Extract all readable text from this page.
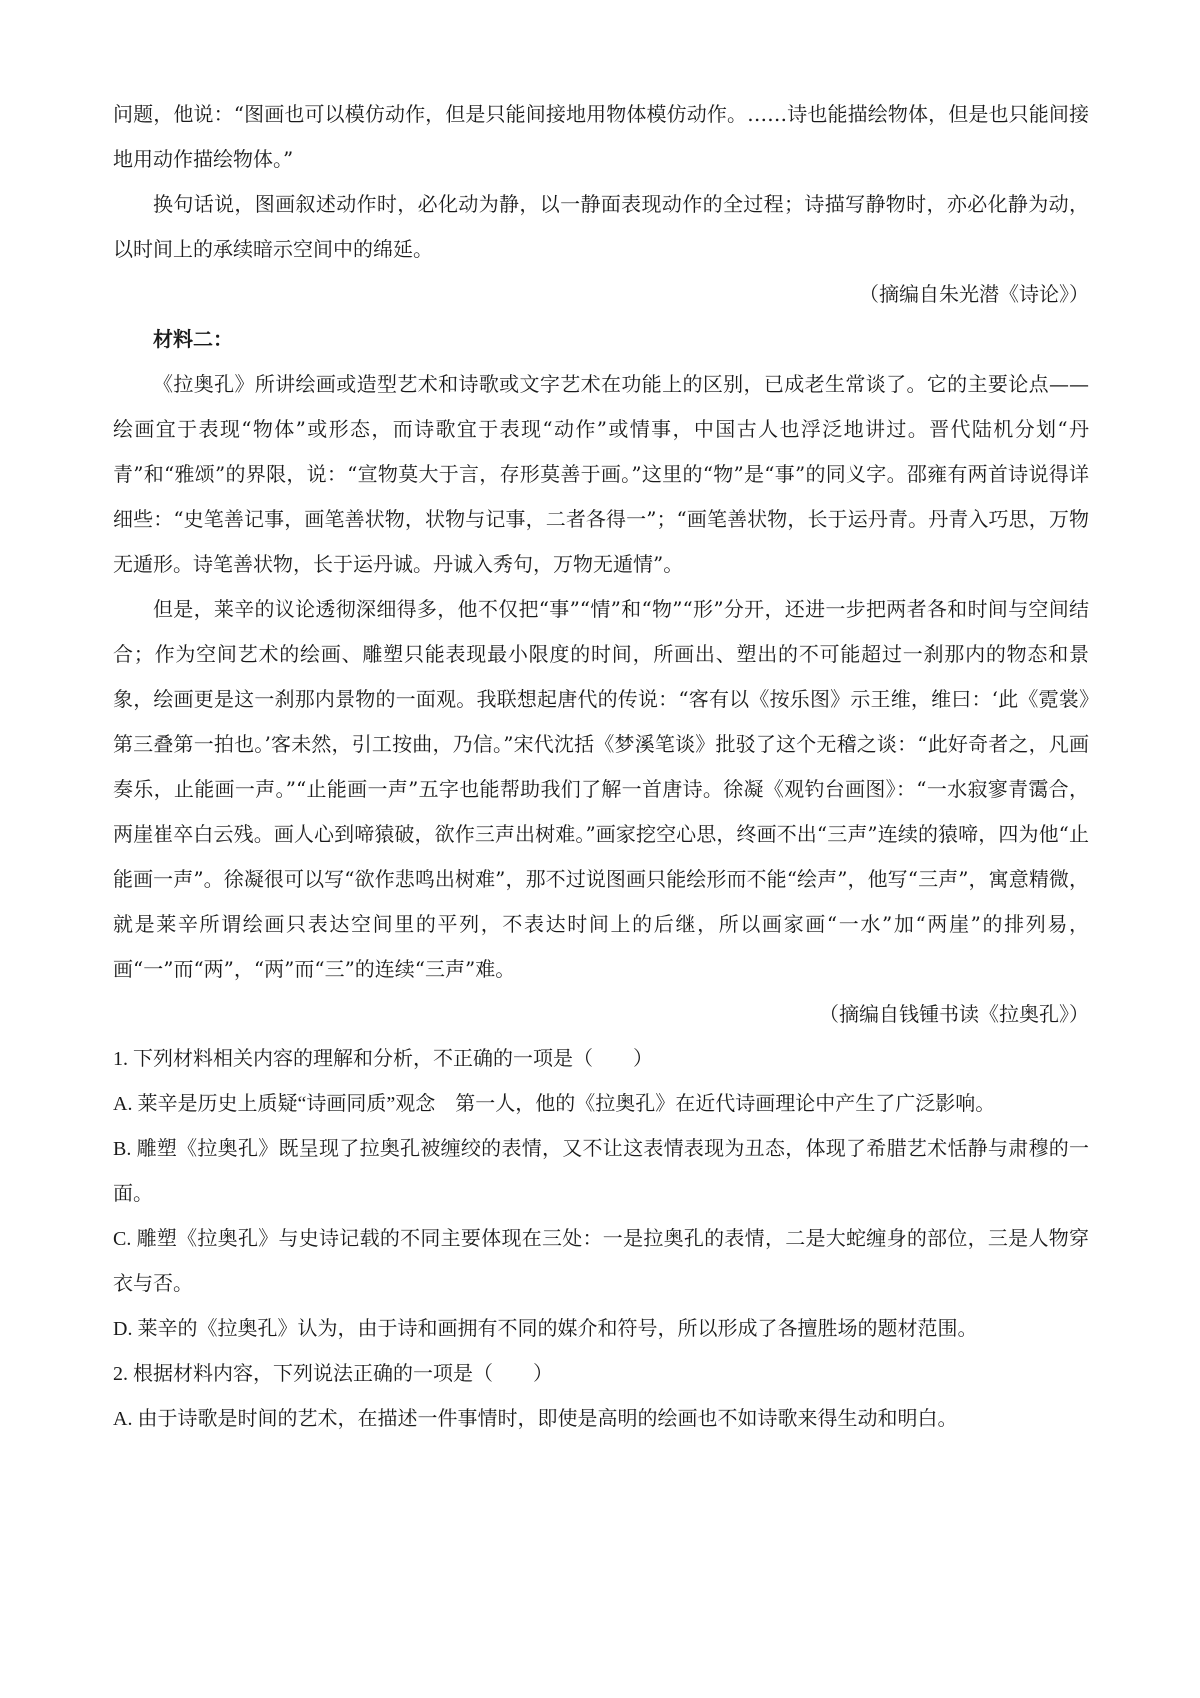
问题，他说：“图画也可以模仿动作，但是只能间接地用物体模仿动作。……诗也能描绘物体，但是也只能间接地用动作描绘物体。”

换句话说，图画叙述动作时，必化动为静，以一静面表现动作的全过程；诗描写静物时，亦必化静为动，以时间上的承续暗示空间中的绵延。

（摘编自朱光潜《诗论》）

材料二：

《拉奥孔》所讲绘画或造型艺术和诗歌或文字艺术在功能上的区别，已成老生常谈了。它的主要论点——绘画宜于表现“物体”或形态，而诗歌宜于表现“动作”或情事，中国古人也浮泛地讲过。晋代陆机分划“丹青”和“雅颂”的界限，说：“宣物莫大于言，存形莫善于画。”这里的“物”是“事”的同义字。邵雍有两首诗说得详细些：“史笔善记事，画笔善状物，状物与记事，二者各得一”；“画笔善状物，长于运丹青。丹青入巧思，万物无遁形。诗笔善状物，长于运丹诚。丹诚入秀句，万物无遁情”。

但是，莱辛的议论透彻深细得多，他不仅把“事”“情”和“物”“形”分开，还进一步把两者各和时间与空间结合；作为空间艺术的绘画、雕塑只能表现最小限度的时间，所画出、塑出的不可能超过一刹那内的物态和景象，绘画更是这一刹那内景物的一面观。我联想起唐代的传说：“客有以《按乐图》示王维，维曰：‘此《霓裳》第三叠第一拍也。’客未然，引工按曲，乃信。”宋代沈括《梦溪笔谈》批驳了这个无稽之谈：“此好奇者之，凡画奏乐，止能画一声。”“止能画一声”五字也能帮助我们了解一首唐诗。徐凝《观钓台画图》：“一水寂寥青霭合，两崖崔卒白云残。画人心到啼猿破，欲作三声出树难。”画家挖空心思，终画不出“三声”连续的猿啼，四为他“止能画一声”。徐凝很可以写“欲作悲鸣出树难”，那不过说图画只能绘形而不能“绘声”，他写“三声”，寓意精微，就是莱辛所谓绘画只表达空间里的平列，不表达时间上的后继，所以画家画“一水”加“两崖”的排列易，画“一”而“两”，“两”而“三”的连续“三声”难。

（摘编自钱锺书读《拉奥孔》）

1. 下列材料相关内容的理解和分析，不正确的一项是（　　）

A. 莱辛是历史上质疑“诗画同质”观念　第一人，他的《拉奥孔》在近代诗画理论中产生了广泛影响。

B. 雕塑《拉奥孔》既呈现了拉奥孔被缠绞的表情，又不让这表情表现为丑态，体现了希腊艺术恬静与肃穆的一面。

C. 雕塑《拉奥孔》与史诗记载的不同主要体现在三处：一是拉奥孔的表情，二是大蛇缠身的部位，三是人物穿衣与否。

D. 莱辛的《拉奥孔》认为，由于诗和画拥有不同的媒介和符号，所以形成了各擅胜场的题材范围。

2. 根据材料内容，下列说法正确的一项是（　　）

A. 由于诗歌是时间的艺术，在描述一件事情时，即使是高明的绘画也不如诗歌来得生动和明白。
